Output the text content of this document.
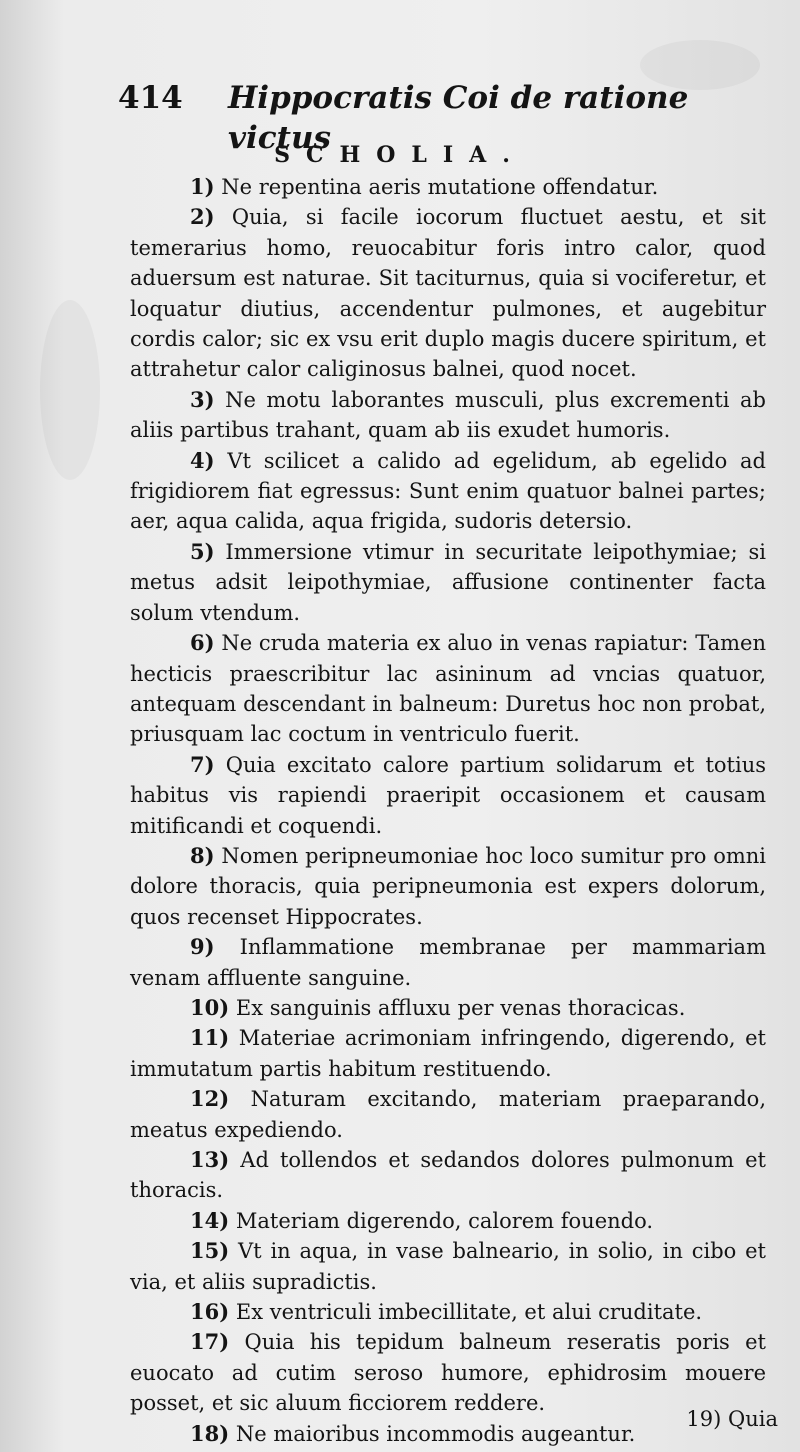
414 Hippocratis Coi de ratione victus
SCHOLIA.

1) Ne repentina aeris mutatione offendatur.

2) Quia, si facile iocorum fluctuet aestu, et sit temerarius homo, reuocabitur foris intro calor, quod aduersum est naturae. Sit taciturnus, quia si vociferetur, et loquatur diutius, accendentur pulmones, et augebitur cordis calor; sic ex vsu erit duplo magis ducere spiritum, et attrahetur calor caliginosus balnei, quod nocet.

3) Ne motu laborantes musculi, plus excrementi ab aliis partibus trahant, quam ab iis exudet humoris.

4) Vt scilicet a calido ad egelidum, ab egelido ad frigidiorem fiat egressus: Sunt enim quatuor balnei partes; aer, aqua calida, aqua frigida, sudoris detersio.

5) Immersione vtimur in securitate leipothymiae; si metus adsit leipothymiae, affusione continenter facta solum vtendum.

6) Ne cruda materia ex aluo in venas rapiatur: Tamen hecticis praescribitur lac asininum ad vncias quatuor, antequam descendant in balneum: Duretus hoc non probat, priusquam lac coctum in ventriculo fuerit.

7) Quia excitato calore partium solidarum et totius habitus vis rapiendi praeripit occasionem et causam mitificandi et coquendi.

8) Nomen peripneumoniae hoc loco sumitur pro omni dolore thoracis, quia peripneumonia est expers dolorum, quos recenset Hippocrates.

9) Inflammatione membranae per mammariam venam affluente sanguine.

10) Ex sanguinis affluxu per venas thoracicas.

11) Materiae acrimoniam infringendo, digerendo, et immutatum partis habitum restituendo.

12) Naturam excitando, materiam praeparando, meatus expediendo.

13) Ad tollendos et sedandos dolores pulmonum et thoracis.

14) Materiam digerendo, calorem fouendo.

15) Vt in aqua, in vase balneario, in solio, in cibo et via, et aliis supradictis.

16) Ex ventriculi imbecillitate, et alui cruditate.

17) Quia his tepidum balneum reseratis poris et euocato ad cutim seroso humore, ephidrosim mouere posset, et sic aluum ficciorem reddere.

18) Ne maioribus incommodis augeantur.

19) Quia
